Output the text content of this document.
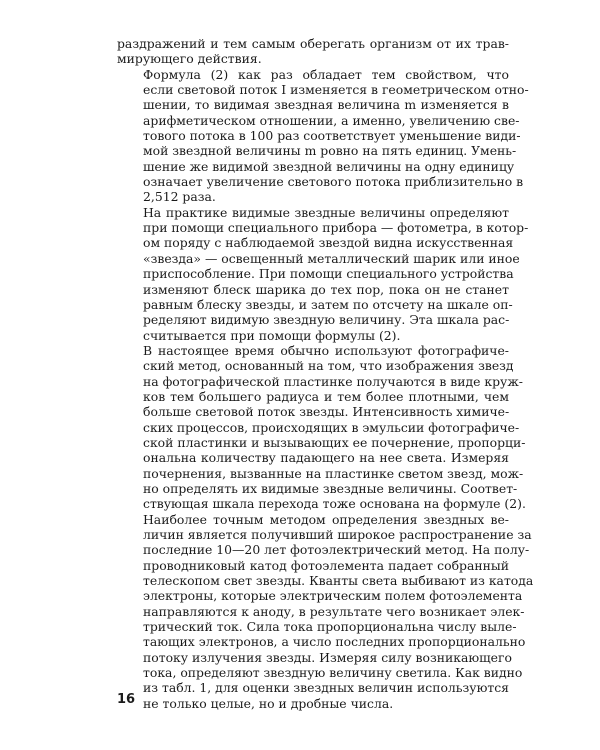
раздражений и тем самым оберегать организм от их трав-
мирующего действия.

Формула (2) как раз обладает тем свойством, что
если световой поток I изменяется в геометрическом отно-
шении, то видимая звездная величина m изменяется в
арифметическом отношении, а именно, увеличению све-
тового потока в 100 раз соответствует уменьшение види-
мой звездной величины m ровно на пять единиц. Умень-
шение же видимой звездной величины на одну единицу
означает увеличение светового потока приблизительно в
2,512 раза.

На практике видимые звездные величины определяют
при помощи специального прибора — фотометра, в котор-
ом поряду с наблюдаемой звездой видна искусственная
«звезда» — освещенный металлический шарик или иное
приспособление. При помощи специального устройства
изменяют блеск шарика до тех пор, пока он не станет
равным блеску звезды, и затем по отсчету на шкале оп-
ределяют видимую звездную величину. Эта шкала рас-
считывается при помощи формулы (2).

В настоящее время обычно используют фотографиче-
ский метод, основанный на том, что изображения звезд
на фотографической пластинке получаются в виде круж-
ков тем большего радиуса и тем более плотными, чем
больше световой поток звезды. Интенсивность химиче-
ских процессов, происходящих в эмульсии фотографиче-
ской пластинки и вызывающих ее почернение, пропорци-
ональна количеству падающего на нее света. Измеряя
почернения, вызванные на пластинке светом звезд, мож-
но определять их видимые звездные величины. Соответ-
ствующая шкала перехода тоже основана на формуле (2).

Наиболее точным методом определения звездных ве-
личин является получивший широкое распространение за
последние 10—20 лет фотоэлектрический метод. На полу-
проводниковый катод фотоэлемента падает собранный
телескопом свет звезды. Кванты света выбивают из катода
электроны, которые электрическим полем фотоэлемента
направляются к аноду, в результате чего возникает элек-
трический ток. Сила тока пропорциональна числу выле-
тающих электронов, а число последних пропорционально
потоку излучения звезды. Измеряя силу возникающего
тока, определяют звездную величину светила. Как видно
из табл. 1, для оценки звездных величин используются
не только целые, но и дробные числа.

16
